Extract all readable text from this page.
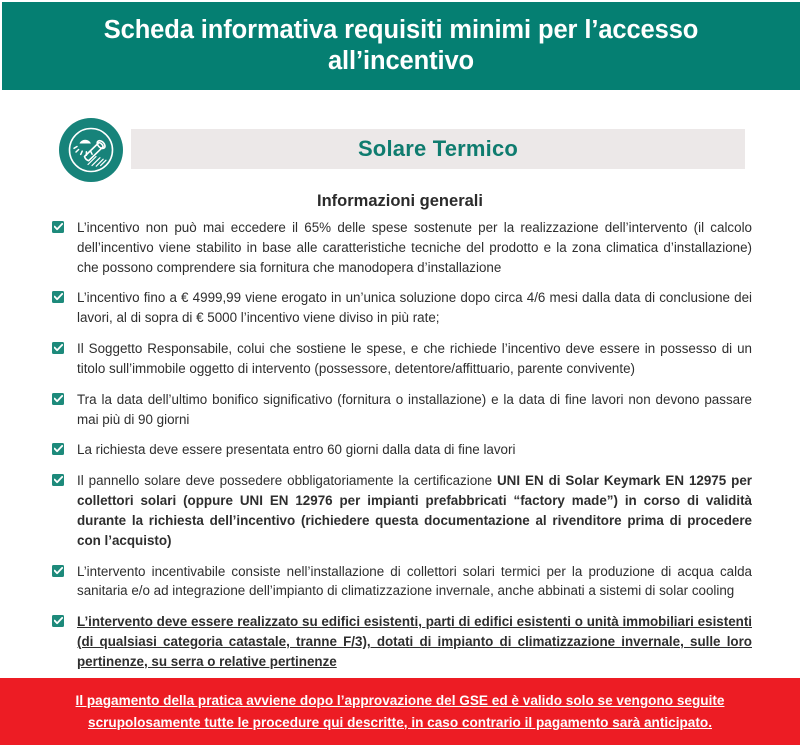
Scheda informativa requisiti minimi per l’accesso all’incentivo
Solare Termico
Informazioni generali
L’incentivo non può mai eccedere il 65% delle spese sostenute per la realizzazione dell’intervento (il calcolo dell’incentivo viene stabilito in base alle caratteristiche tecniche del prodotto e la zona climatica d’installazione) che possono comprendere sia fornitura che manodopera d’installazione
L’incentivo fino a € 4999,99 viene erogato in un’unica soluzione dopo circa 4/6 mesi dalla data di conclusione dei lavori, al di sopra di € 5000 l’incentivo viene diviso in più rate;
Il Soggetto Responsabile, colui che sostiene le spese, e che richiede l’incentivo deve essere in possesso di un titolo sull’immobile oggetto di intervento (possessore, detentore/affittuario, parente convivente)
Tra la data dell’ultimo bonifico significativo (fornitura o installazione) e la data di fine lavori non devono passare mai più di 90 giorni
La richiesta deve essere presentata entro 60 giorni dalla data di fine lavori
Il pannello solare deve possedere obbligatoriamente la certificazione UNI EN di Solar Keymark EN 12975 per collettori solari (oppure UNI EN 12976 per impianti prefabbricati “factory made”) in corso di validità durante la richiesta dell’incentivo (richiedere questa documentazione al rivenditore prima di procedere con l’acquisto)
L’intervento incentivabile consiste nell’installazione di collettori solari termici per la produzione di acqua calda sanitaria e/o ad integrazione dell’impianto di climatizzazione invernale, anche abbinati a sistemi di solar cooling
L’intervento deve essere realizzato su edifici esistenti, parti di edifici esistenti o unità immobiliari esistenti (di qualsiasi categoria catastale, tranne F/3), dotati di impianto di climatizzazione invernale, sulle loro pertinenze, su serra o relative pertinenze
Il pagamento della pratica avviene dopo l’approvazione del GSE ed è valido solo se vengono seguite scrupolosamente tutte le procedure qui descritte, in caso contrario il pagamento sarà anticipato.
